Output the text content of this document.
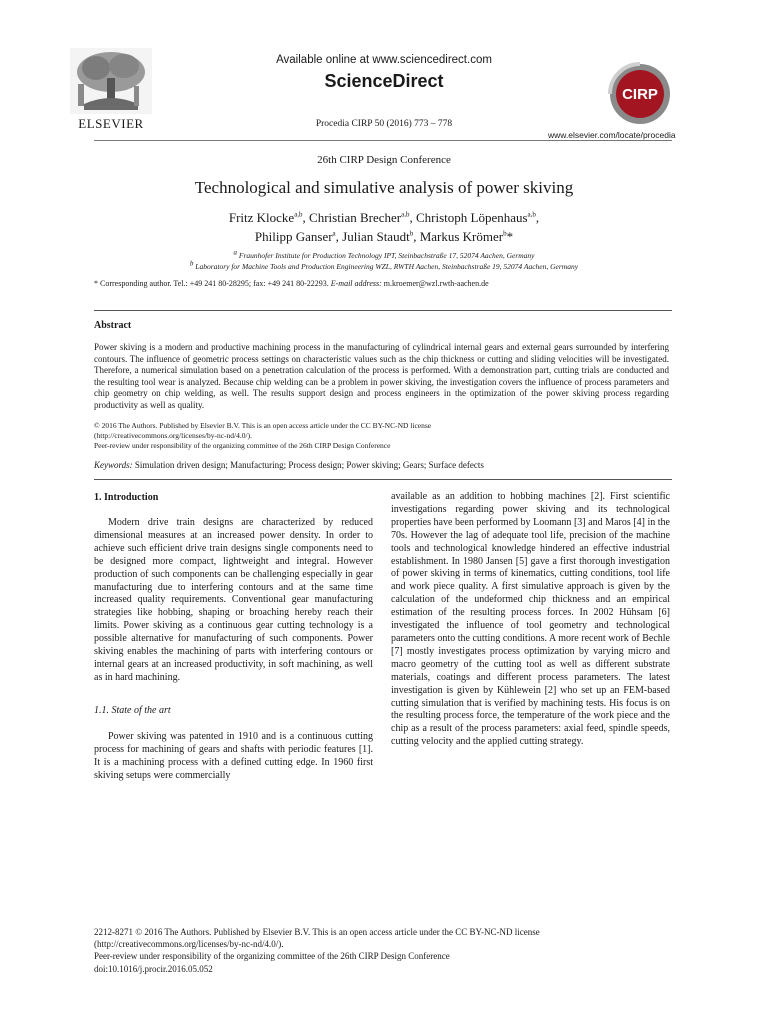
ELSEVIER
Available online at www.sciencedirect.com
ScienceDirect
Procedia CIRP 50 (2016) 773 – 778
CIRP
www.elsevier.com/locate/procedia
26th CIRP Design Conference
Technological and simulative analysis of power skiving
Fritz Klocke$^{a,b}$, Christian Brecher$^{a,b}$, Christoph Löpenhaus$^{a,b}$,
Philipp Ganser$^a$, Julian Staudt$^b$, Markus Krömer$^b$*
$^a$ Fraunhofer Institute for Production Technology IPT, Steinbachstraße 17, 52074 Aachen, Germany
$^b$ Laboratory for Machine Tools and Production Engineering WZL, RWTH Aachen, Steinbachstraße 19, 52074 Aachen, Germany
* Corresponding author. Tel.: +49 241 80-28295; fax: +49 241 80-22293. E-mail address: m.kroemer@wzl.rwth-aachen.de
Abstract
Power skiving is a modern and productive machining process in the manufacturing of cylindrical internal gears and external gears surrounded by interfering contours. The influence of geometric process settings on characteristic values such as the chip thickness or cutting and sliding velocities will be investigated. Therefore, a numerical simulation based on a penetration calculation of the process is performed. With a demonstration part, cutting trials are conducted and the resulting tool wear is analyzed. Because chip welding can be a problem in power skiving, the investigation covers the influence of process parameters and chip geometry on chip welding, as well. The results support design and process engineers in the optimization of the power skiving process regarding productivity as well as quality.
© 2016 The Authors. Published by Elsevier B.V. This is an open access article under the CC BY-NC-ND license
(http://creativecommons.org/licenses/by-nc-nd/4.0/).
Peer-review under responsibility of the organizing committee of the 26th CIRP Design Conference
Keywords: Simulation driven design; Manufacturing; Process design; Power skiving; Gears; Surface defects
1. Introduction

Modern drive train designs are characterized by reduced dimensional measures at an increased power density. In order to achieve such efficient drive train designs single components need to be designed more compact, lightweight and integral. However production of such components can be challenging especially in gear manufacturing due to interfering contours and at the same time increased quality requirements. Conventional gear manufacturing strategies like hobbing, shaping or broaching hereby reach their limits. Power skiving as a continuous gear cutting technology is a possible alternative for manufacturing of such components. Power skiving enables the machining of parts with interfering contours or internal gears at an increased productivity, in soft machining, as well as in hard machining.

1.1. State of the art

Power skiving was patented in 1910 and is a continuous cutting process for machining of gears and shafts with periodic features [1]. It is a machining process with a defined cutting edge. In 1960 first skiving setups were commercially

available as an addition to hobbing machines [2]. First scientific investigations regarding power skiving and its technological properties have been performed by Loomann [3] and Maros [4] in the 70s. However the lag of adequate tool life, precision of the machine tools and technological knowledge hindered an effective industrial establishment. In 1980 Jansen [5] gave a first thorough investigation of power skiving in terms of kinematics, cutting conditions, tool life and work piece quality. A first simulative approach is given by the calculation of the undeformed chip thickness and an empirical estimation of the resulting process forces. In 2002 Hühsam [6] investigated the influence of tool geometry and technological parameters onto the cutting conditions. A more recent work of Bechle [7] mostly investigates process optimization by varying micro and macro geometry of the cutting tool as well as different substrate materials, coatings and different process parameters. The latest investigation is given by Kühlewein [2] who set up an FEM-based cutting simulation that is verified by machining tests. His focus is on the resulting process force, the temperature of the work piece and the chip as a result of the process parameters: axial feed, spindle speeds, cutting velocity and the applied cutting strategy.

2212-8271 © 2016 The Authors. Published by Elsevier B.V. This is an open access article under the CC BY-NC-ND license
(http://creativecommons.org/licenses/by-nc-nd/4.0/).
Peer-review under responsibility of the organizing committee of the 26th CIRP Design Conference
doi:10.1016/j.procir.2016.05.052
